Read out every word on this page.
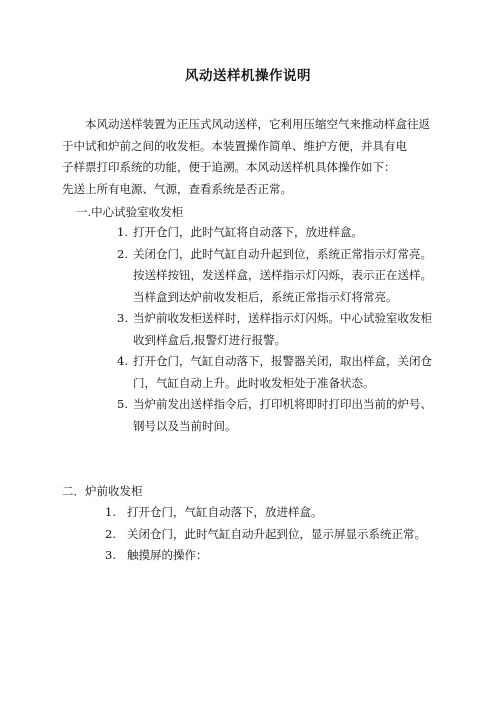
风动送样机操作说明
本风动送样装置为正压式风动送样，它利用压缩空气来推动样盒往返
于中试和炉前之间的收发柜。本装置操作简单、维护方便，并具有电
子样票打印系统的功能，便于追溯。本风动送样机具体操作如下：
先送上所有电源、气源，查看系统是否正常。
一.中心试验室收发柜
1. 打开仓门，此时气缸将自动落下，放进样盒。
2. 关闭仓门，此时气缸自动升起到位，系统正常指示灯常亮。
按送样按钮，发送样盒，送样指示灯闪烁，表示正在送样。
当样盒到达炉前收发柜后，系统正常指示灯将常亮。
3. 当炉前收发柜送样时，送样指示灯闪烁。中心试验室收发柜
收到样盒后,报警灯进行报警。
4. 打开仓门，气缸自动落下，报警器关闭，取出样盒，关闭仓
门，气缸自动上升。此时收发柜处于准备状态。
5. 当炉前发出送样指令后，打印机将即时打印出当前的炉号、
钢号以及当前时间。
二．炉前收发柜
1. 打开仓门，气缸自动落下，放进样盒。
2. 关闭仓门，此时气缸自动升起到位，显示屏显示系统正常。
3. 触摸屏的操作：
